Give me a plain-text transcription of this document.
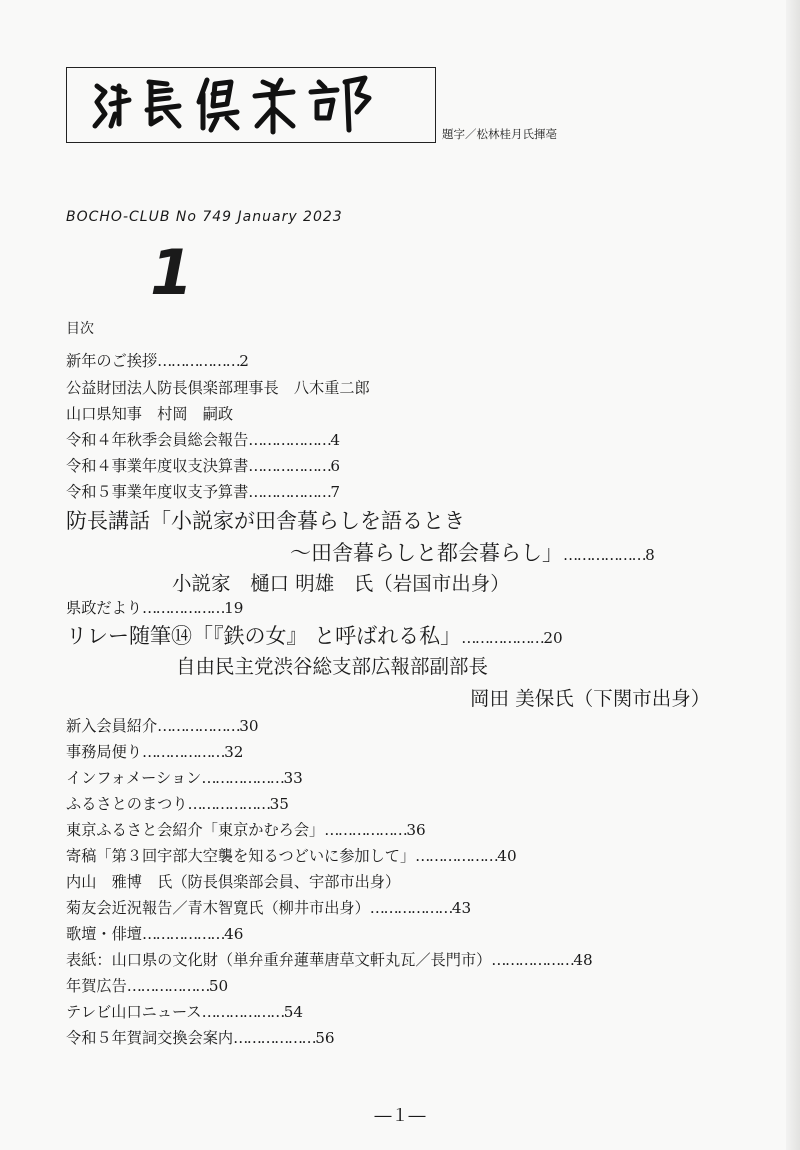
題字／松林桂月氏揮亳
BOCHO-CLUB No 749 January 2023
1
目次
新年のご挨拶………………2
公益財団法人防長倶楽部理事長　八木重二郎
山口県知事　村岡　嗣政
令和４年秋季会員総会報告………………4
令和４事業年度収支決算書………………6
令和５事業年度収支予算書………………7
防長講話「小説家が田舎暮らしを語るとき
～田舎暮らしと都会暮らし」………………8
小説家　樋口 明雄　氏（岩国市出身）
県政だより………………19
リレー随筆⑭「『鉄の女』 と呼ばれる私」………………20
自由民主党渋谷総支部広報部副部長
岡田 美保氏（下関市出身）
新入会員紹介………………30
事務局便り………………32
インフォメーション………………33
ふるさとのまつり………………35
東京ふるさと会紹介「東京かむろ会」………………36
寄稿「第３回宇部大空襲を知るつどいに参加して」………………40
内山　雅博　氏（防長倶楽部会員、宇部市出身）
菊友会近況報告／青木智寛氏（柳井市出身）………………43
歌壇・俳壇………………46
表紙：山口県の文化財（単弁重弁蓮華唐草文軒丸瓦／長門市）………………48
年賀広告………………50
テレビ山口ニュース………………54
令和５年賀詞交換会案内………………56
―１―
